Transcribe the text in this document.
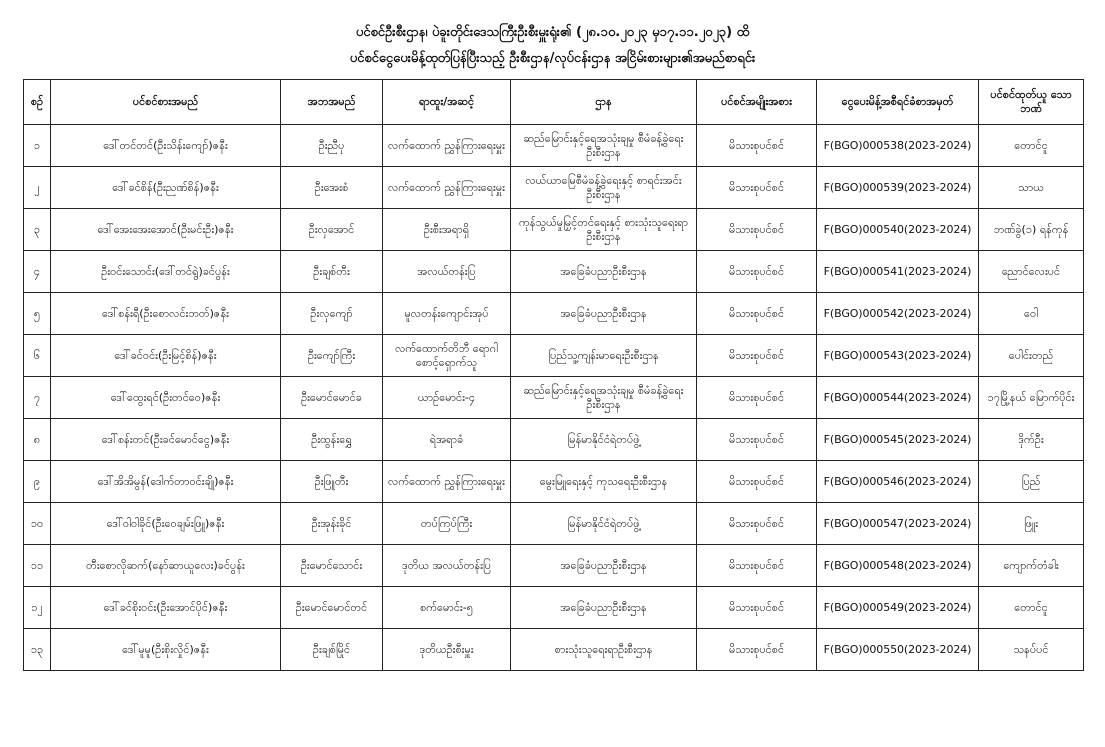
ပင်စင်ဦးစီးဌာန၊ ပဲခူးတိုင်းဒေသကြီးဦးစီးမှူးရုံး၏ (၂၈.၁၀.၂၀၂၃ မှ၁၇.၁၁.၂၀၂၃) ထိ
ပင်စင်ငွေပေးမိန့်ထုတ်ပြန်ပြီးသည့် ဦးစီးဌာန/လုပ်ငန်းဌာန အငြိမ်းစားများ၏အမည်စာရင်း
စဉ်	ပင်စင်စားအမည်	အဘအမည်	ရာထူး/အဆင့်	ဌာန	ပင်စင်အမျိုးအစား	ငွေပေးမိန့်အစီရင်ခံစာအမှတ်	ပင်စင်ထုတ်ယူ သောဘဏ်
၁	ဒေါ်တင်တင်(ဦးသိန်းကျော်)ဇနီး	ဦးညီပု	လက်ထောက် ညွှန်ကြားရေးမှူး	ဆည်မြောင်းနှင့်ရေအသုံးချမှု စီမံခန့်ခွဲရေးဦးစီးဌာန	မိသားစုပင်စင်	F(BGO)000538(2023-2024)	တောင်ငူ
၂	ဒေါ်ခင်စိန်(ဦးညဏ်စိန်)ဇနီး	ဦးအေးစံ	လက်ထောက် ညွှန်ကြားရေးမှူး	လယ်ယာမြေစီမံခန့်ခွဲရေးနှင့် စာရင်းအင်းဦးစီးဌာန	မိသားစုပင်စင်	F(BGO)000539(2023-2024)	သာယ
၃	ဒေါ်အေးအေးအောင်(ဦးမင်းဦး)ဇနီး	ဦးလှအောင်	ဦးစီးအရာရှိ	ကုန်သွယ်မှုမြှင့်တင်ရေးနှင့် စားသုံးသူရေးရာဦးစီးဌာန	မိသားစုပင်စင်	F(BGO)000540(2023-2024)	ဘဏ်ခွဲ(၁) ရန်ကုန်
၄	ဦးဝင်းသောင်း(ဒေါ်တင်ရွဲ)ခင်ပွန်း	ဦးချစ်တီး	အလယ်တန်းပြ	အခြေခံပညာဦးစီးဌာန	မိသားစုပင်စင်	F(BGO)000541(2023-2024)	ညောင်လေးပင်
၅	ဒေါ်စန်းရီ(ဦးစောလင်းဘတ်)ဇနီး	ဦးလှကျော်	မူလတန်းကျောင်းအုပ်	အခြေခံပညာဦးစီးဌာန	မိသားစုပင်စင်	F(BGO)000542(2023-2024)	ဝေါ
၆	ဒေါ်ခင်ဝင်း(ဦးမြင့်စိန်)ဇနီး	ဦးကျော်ကြီး	လက်ထောက်တိဘီ ရောဂါစောင့်ရှောက်သူ	ပြည်သူ့ကျန်းမာရေးဦးစီးဌာန	မိသားစုပင်စင်	F(BGO)000543(2023-2024)	ပေါင်းတည်
၇	ဒေါ်ထွေးရင်(ဦးတင်ဝေ)ဇနီး	ဦးမောင်မောင်ခ	ယာဉ်မောင်း-၄	ဆည်မြောင်းနှင့်ရေအသုံးချမှု စီမံခန့်ခွဲရေးဦးစီးဌာန	မိသားစုပင်စင်	F(BGO)000544(2023-2024)	၁၇မြို့နယ် မြောက်ပိုင်း
၈	ဒေါ်စန်းတင်(ဦးခင်မောင်ငွေ)ဇနီး	ဦးထွန်းရွှေ	ရဲအရာခံ	မြန်မာနိုင်ငံရဲတပ်ဖွဲ့	မိသားစုပင်စင်	F(BGO)000545(2023-2024)	ဒိုက်ဦး
၉	ဒေါ်အိအိမွန်(ဒေါက်တာဝင်းချို)ဇနီး	ဦးဖြူတီး	လက်ထောက် ညွှန်ကြားရေးမှူး	မွေးမြူရေးနှင့် ကုသရေးဦးစီးဌာန	မိသားစုပင်စင်	F(BGO)000546(2023-2024)	ပြည်
၁၀	ဒေါ်ဝါဝါခိုင်(ဦးဝေချမ်းဖြူ)ဇနီး	ဦးအုန်းခိုင်	တပ်ကြပ်ကြီး	မြန်မာနိုင်ငံရဲတပ်ဖွဲ့	မိသားစုပင်စင်	F(BGO)000547(2023-2024)	ဖြူး
၁၁	တီးစောလိုဆက်(နော်ဆာယူလေး)ခင်ပွန်း	ဦးမောင်သောင်း	ဒုတိယ အလယ်တန်းပြ	အခြေခံပညာဦးစီးဌာန	မိသားစုပင်စင်	F(BGO)000548(2023-2024)	ကျောက်တံခါး
၁၂	ဒေါ်ခင်စိုးဝင်း(ဦးအောင်ပိုင်)ဇနီး	ဦးမောင်မောင်တင်	စက်မောင်း-၅	အခြေခံပညာဦးစီးဌာန	မိသားစုပင်စင်	F(BGO)000549(2023-2024)	တောင်ငူ
၁၃	ဒေါ်မူမူ(ဦးစိုးလှိုင်)ဇနီး	ဦးချစ်မြိုင်	ဒုတိယဦးစီးမှူး	စားသုံးသူရေးရာဦးစီးဌာန	မိသားစုပင်စင်	F(BGO)000550(2023-2024)	သနပ်ပင်
